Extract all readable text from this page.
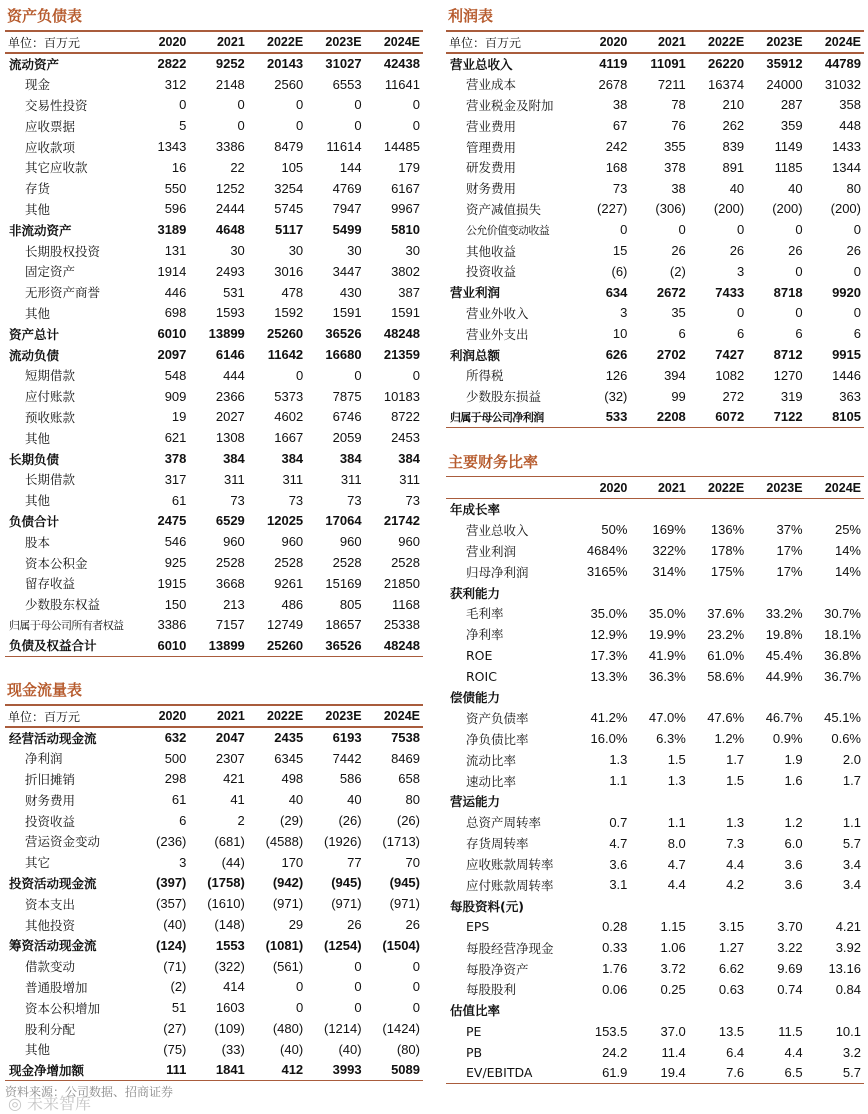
资产负债表
单位：百万元	2020	2021	2022E	2023E	2024E
流动资产	2822	9252	20143	31027	42438
现金	312	2148	2560	6553	11641
交易性投资	0	0	0	0	0
应收票据	5	0	0	0	0
应收款项	1343	3386	8479	11614	14485
其它应收款	16	22	105	144	179
存货	550	1252	3254	4769	6167
其他	596	2444	5745	7947	9967
非流动资产	3189	4648	5117	5499	5810
长期股权投资	131	30	30	30	30
固定资产	1914	2493	3016	3447	3802
无形资产商誉	446	531	478	430	387
其他	698	1593	1592	1591	1591
资产总计	6010	13899	25260	36526	48248
流动负债	2097	6146	11642	16680	21359
短期借款	548	444	0	0	0
应付账款	909	2366	5373	7875	10183
预收账款	19	2027	4602	6746	8722
其他	621	1308	1667	2059	2453
长期负债	378	384	384	384	384
长期借款	317	311	311	311	311
其他	61	73	73	73	73
负债合计	2475	6529	12025	17064	21742
股本	546	960	960	960	960
资本公积金	925	2528	2528	2528	2528
留存收益	1915	3668	9261	15169	21850
少数股东权益	150	213	486	805	1168
归属于母公司所有者权益	3386	7157	12749	18657	25338
负债及权益合计	6010	13899	25260	36526	48248
现金流量表
单位：百万元	2020	2021	2022E	2023E	2024E
经营活动现金流	632	2047	2435	6193	7538
净利润	500	2307	6345	7442	8469
折旧摊销	298	421	498	586	658
财务费用	61	41	40	40	80
投资收益	6	2	(29)	(26)	(26)
营运资金变动	(236)	(681)	(4588)	(1926)	(1713)
其它	3	(44)	170	77	70
投资活动现金流	(397)	(1758)	(942)	(945)	(945)
资本支出	(357)	(1610)	(971)	(971)	(971)
其他投资	(40)	(148)	29	26	26
筹资活动现金流	(124)	1553	(1081)	(1254)	(1504)
借款变动	(71)	(322)	(561)	0	0
普通股增加	(2)	414	0	0	0
资本公积增加	51	1603	0	0	0
股利分配	(27)	(109)	(480)	(1214)	(1424)
其他	(75)	(33)	(40)	(40)	(80)
现金净增加额	111	1841	412	3993	5089
利润表
单位：百万元	2020	2021	2022E	2023E	2024E
营业总收入	4119	11091	26220	35912	44789
营业成本	2678	7211	16374	24000	31032
营业税金及附加	38	78	210	287	358
营业费用	67	76	262	359	448
管理费用	242	355	839	1149	1433
研发费用	168	378	891	1185	1344
财务费用	73	38	40	40	80
资产减值损失	(227)	(306)	(200)	(200)	(200)
公允价值变动收益	0	0	0	0	0
其他收益	15	26	26	26	26
投资收益	(6)	(2)	3	0	0
营业利润	634	2672	7433	8718	9920
营业外收入	3	35	0	0	0
营业外支出	10	6	6	6	6
利润总额	626	2702	7427	8712	9915
所得税	126	394	1082	1270	1446
少数股东损益	(32)	99	272	319	363
归属于母公司净利润	533	2208	6072	7122	8105
主要财务比率
	2020	2021	2022E	2023E	2024E
年成长率					
营业总收入	50%	169%	136%	37%	25%
营业利润	4684%	322%	178%	17%	14%
归母净利润	3165%	314%	175%	17%	14%
获利能力					
毛利率	35.0%	35.0%	37.6%	33.2%	30.7%
净利率	12.9%	19.9%	23.2%	19.8%	18.1%
ROE	17.3%	41.9%	61.0%	45.4%	36.8%
ROIC	13.3%	36.3%	58.6%	44.9%	36.7%
偿债能力					
资产负债率	41.2%	47.0%	47.6%	46.7%	45.1%
净负债比率	16.0%	6.3%	1.2%	0.9%	0.6%
流动比率	1.3	1.5	1.7	1.9	2.0
速动比率	1.1	1.3	1.5	1.6	1.7
营运能力					
总资产周转率	0.7	1.1	1.3	1.2	1.1
存货周转率	4.7	8.0	7.3	6.0	5.7
应收账款周转率	3.6	4.7	4.4	3.6	3.4
应付账款周转率	3.1	4.4	4.2	3.6	3.4
每股资料(元)					
EPS	0.28	1.15	3.15	3.70	4.21
每股经营净现金	0.33	1.06	1.27	3.22	3.92
每股净资产	1.76	3.72	6.62	9.69	13.16
每股股利	0.06	0.25	0.63	0.74	0.84
估值比率					
PE	153.5	37.0	13.5	11.5	10.1
PB	24.2	11.4	6.4	4.4	3.2
EV/EBITDA	61.9	19.4	7.6	6.5	5.7
资料来源：公司数据、招商证券
◎ 未来智库
